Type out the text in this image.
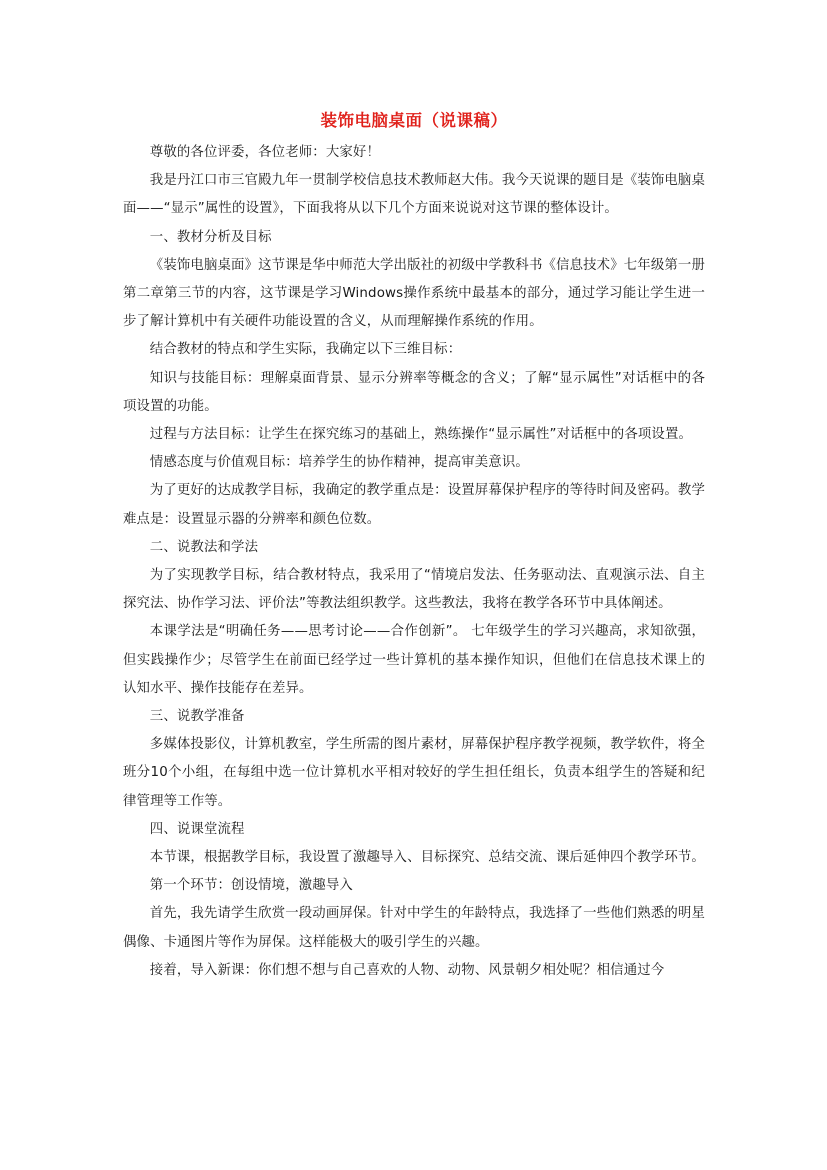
装饰电脑桌面（说课稿）

尊敬的各位评委，各位老师：大家好！

我是丹江口市三官殿九年一贯制学校信息技术教师赵大伟。我今天说课的题目是《装饰电脑桌面——“显示”属性的设置》，下面我将从以下几个方面来说说对这节课的整体设计。

一、教材分析及目标

《装饰电脑桌面》这节课是华中师范大学出版社的初级中学教科书《信息技术》七年级第一册第二章第三节的内容，这节课是学习Windows操作系统中最基本的部分，通过学习能让学生进一步了解计算机中有关硬件功能设置的含义，从而理解操作系统的作用。

结合教材的特点和学生实际，我确定以下三维目标：

知识与技能目标：理解桌面背景、显示分辨率等概念的含义；了解“显示属性”对话框中的各项设置的功能。

过程与方法目标：让学生在探究练习的基础上，熟练操作“显示属性”对话框中的各项设置。

情感态度与价值观目标：培养学生的协作精神，提高审美意识。

为了更好的达成教学目标，我确定的教学重点是：设置屏幕保护程序的等待时间及密码。教学难点是：设置显示器的分辨率和颜色位数。

二、说教法和学法

为了实现教学目标，结合教材特点，我采用了“情境启发法、任务驱动法、直观演示法、自主探究法、协作学习法、评价法”等教法组织教学。这些教法，我将在教学各环节中具体阐述。

本课学法是“明确任务——思考讨论——合作创新”。 七年级学生的学习兴趣高，求知欲强，但实践操作少；尽管学生在前面已经学过一些计算机的基本操作知识，但他们在信息技术课上的认知水平、操作技能存在差异。

三、说教学准备

多媒体投影仪，计算机教室，学生所需的图片素材，屏幕保护程序教学视频，教学软件，将全班分10个小组，在每组中选一位计算机水平相对较好的学生担任组长，负责本组学生的答疑和纪律管理等工作等。

四、说课堂流程

本节课，根据教学目标，我设置了激趣导入、目标探究、总结交流、课后延伸四个教学环节。

第一个环节：创设情境，激趣导入

首先，我先请学生欣赏一段动画屏保。针对中学生的年龄特点，我选择了一些他们熟悉的明星偶像、卡通图片等作为屏保。这样能极大的吸引学生的兴趣。

接着，导入新课：你们想不想与自己喜欢的人物、动物、风景朝夕相处呢？相信通过今
